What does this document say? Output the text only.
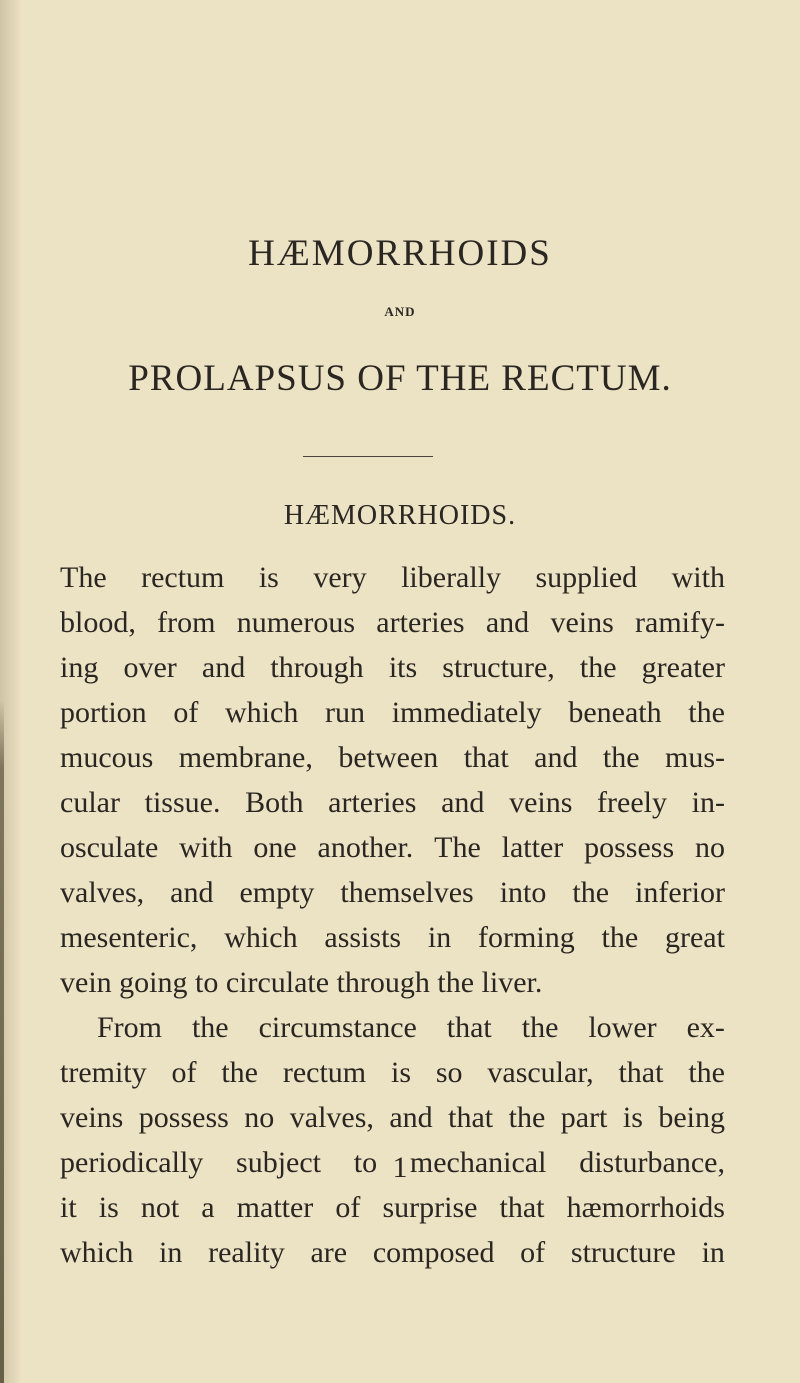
HÆMORRHOIDS
AND
PROLAPSUS OF THE RECTUM.
HÆMORRHOIDS.
The rectum is very liberally supplied with
blood, from numerous arteries and veins ramify-
ing over and through its structure, the greater
portion of which run immediately beneath the
mucous membrane, between that and the mus-
cular tissue. Both arteries and veins freely in-
osculate with one another. The latter possess no
valves, and empty themselves into the inferior
mesenteric, which assists in forming the great
vein going to circulate through the liver.
From the circumstance that the lower ex-
tremity of the rectum is so vascular, that the
veins possess no valves, and that the part is being
periodically subject to mechanical disturbance,
it is not a matter of surprise that hæmorrhoids
which in reality are composed of structure in
1
